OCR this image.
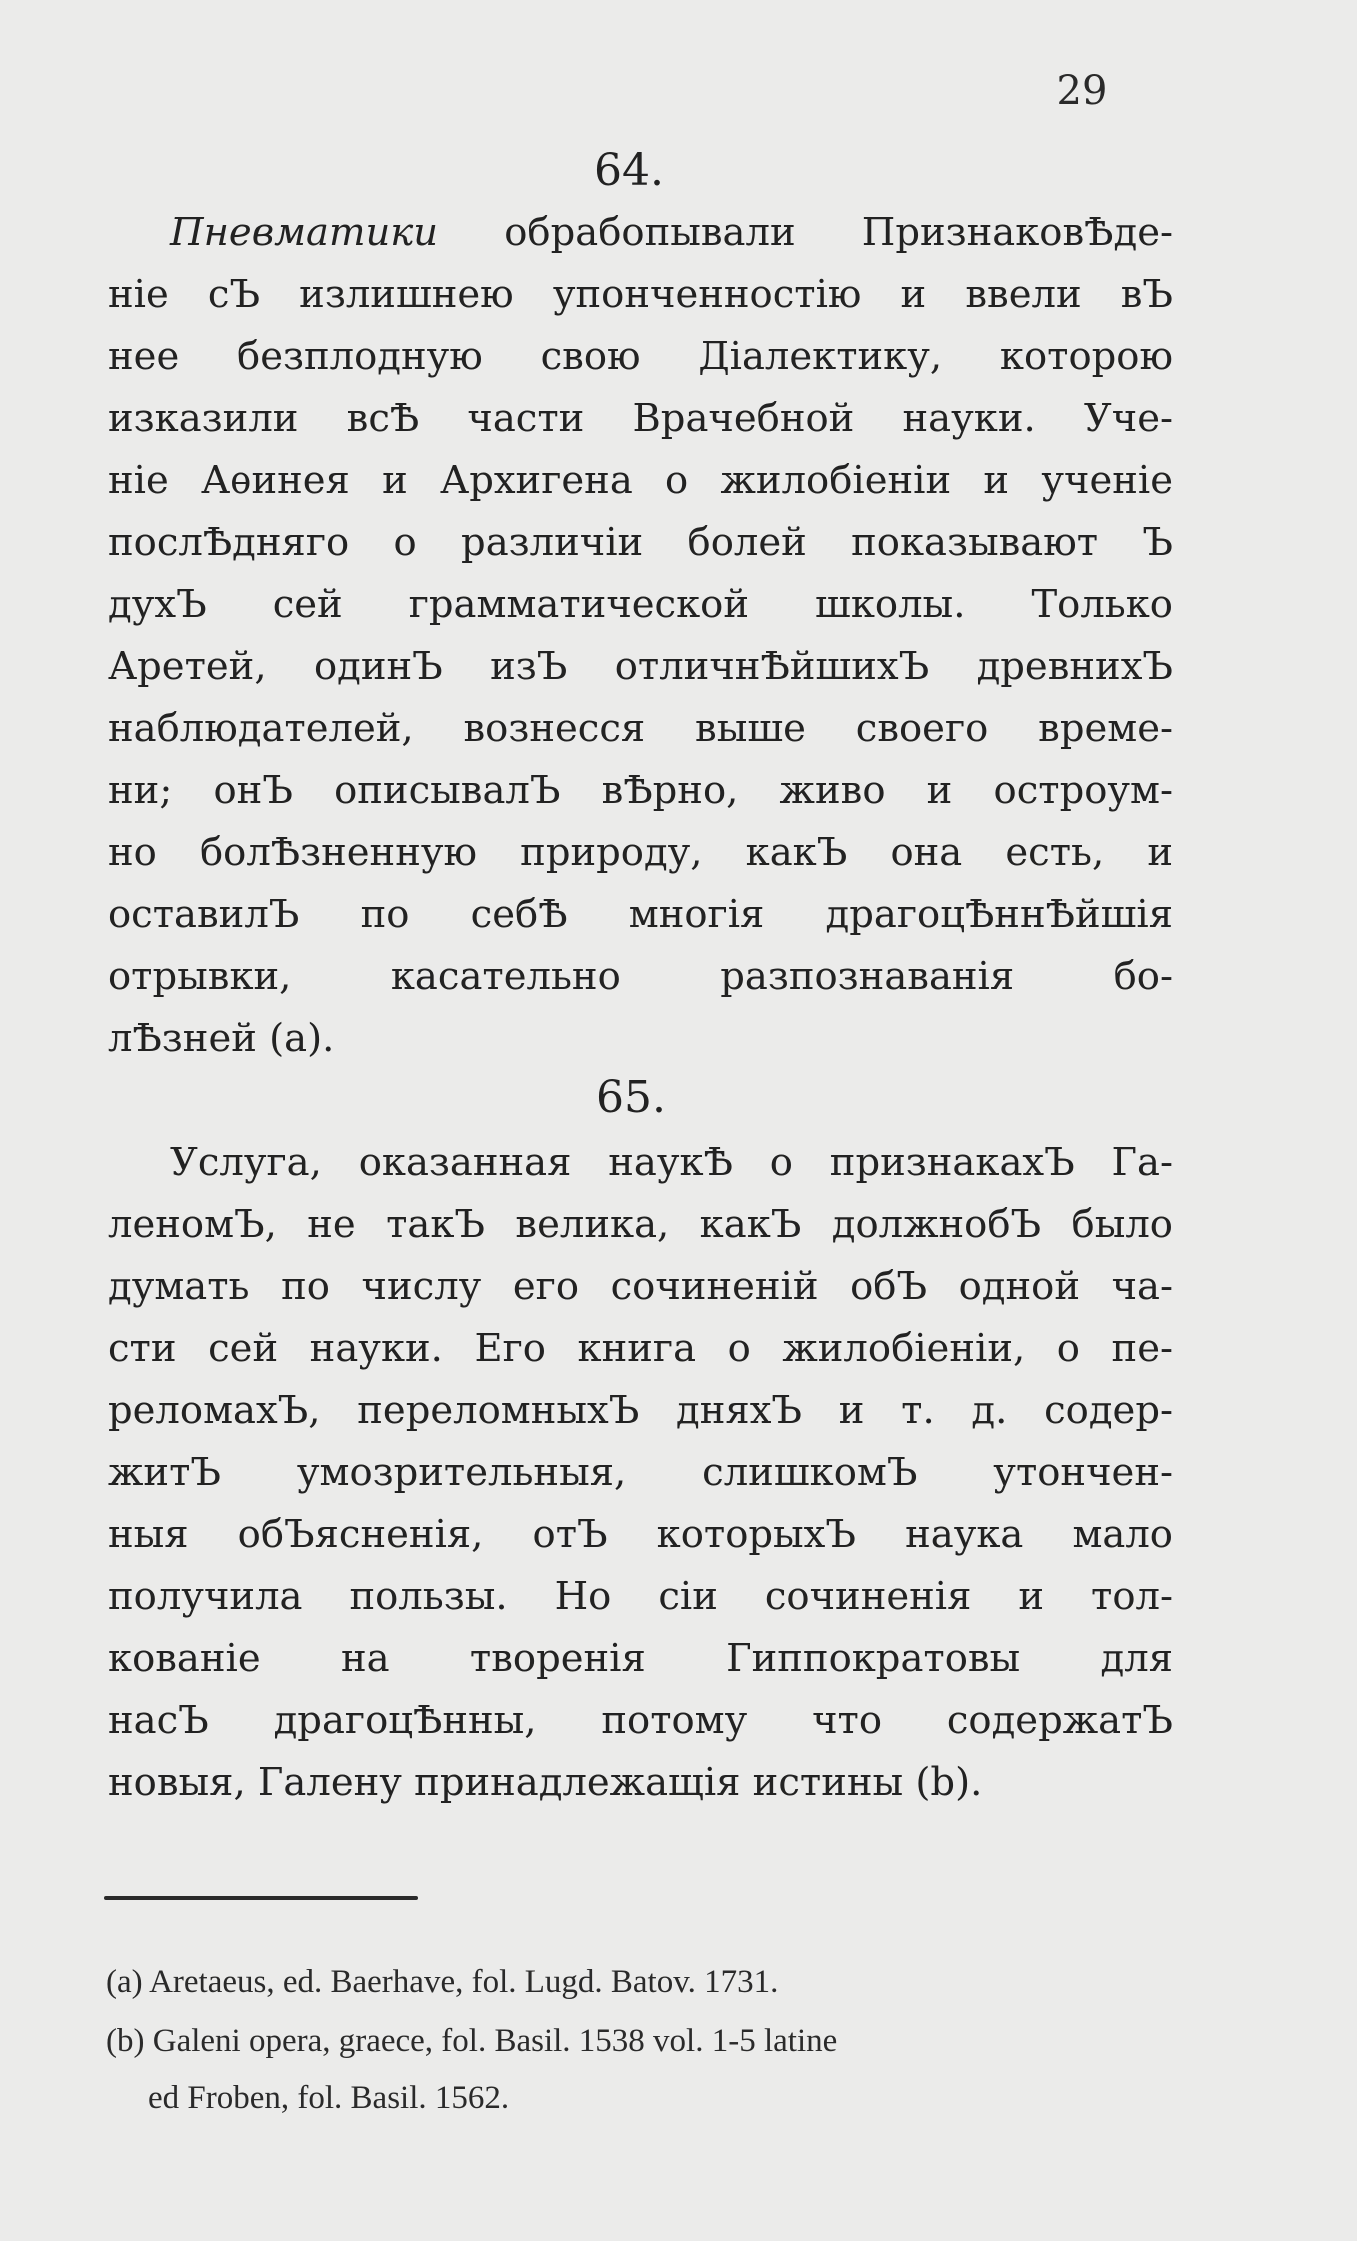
29
64.
Пневматики обрабопывали ПризнаковѢде-
ніе сЪ излишнею упонченностію и ввели вЪ
нее безплодную свою Діалектику, которою
изказили всѢ части Врачебной науки. Уче-
ніе Аѳинея и Архигена о жилобіеніи и ученіе
послѢдняго о различіи болей показывают Ъ
духЪ сей грамматической школы. Только
Аретей, одинЪ изЪ отличнѢйшихЪ древнихЪ
наблюдателей, вознесся выше своего време-
ни; онЪ описывалЪ вѢрно, живо и остроум-
но болѢзненную природу, какЪ она есть, и
оставилЪ по себѢ многія драгоцѢннѢйшія
отрывки, касательно разпознаванія бо-
лѢзней (a).
65.
Услуга, оказанная наукѢ о признакахЪ Га-
леномЪ, не такЪ велика, какЪ должнобЪ было
думать по числу его сочиненій обЪ одной ча-
сти сей науки. Его книга о жилобіеніи, о пе-
реломахЪ, переломныхЪ дняхЪ и т. д. содер-
житЪ умозрительныя, слишкомЪ утончен-
ныя обЪясненія, отЪ которыхЪ наука мало
получила пользы. Но сіи сочиненія и тол-
кованіе на творенія Гиппократовы для
насЪ драгоцѢнны, потому что содержатЪ
новыя, Галену принадлежащія истины (b).
(a) Aretaeus, ed. Baerhave, fol. Lugd. Batov. 1731.
(b) Galeni opera, graece, fol. Basil. 1538 vol. 1-5 latine
ed Froben, fol. Basil. 1562.
